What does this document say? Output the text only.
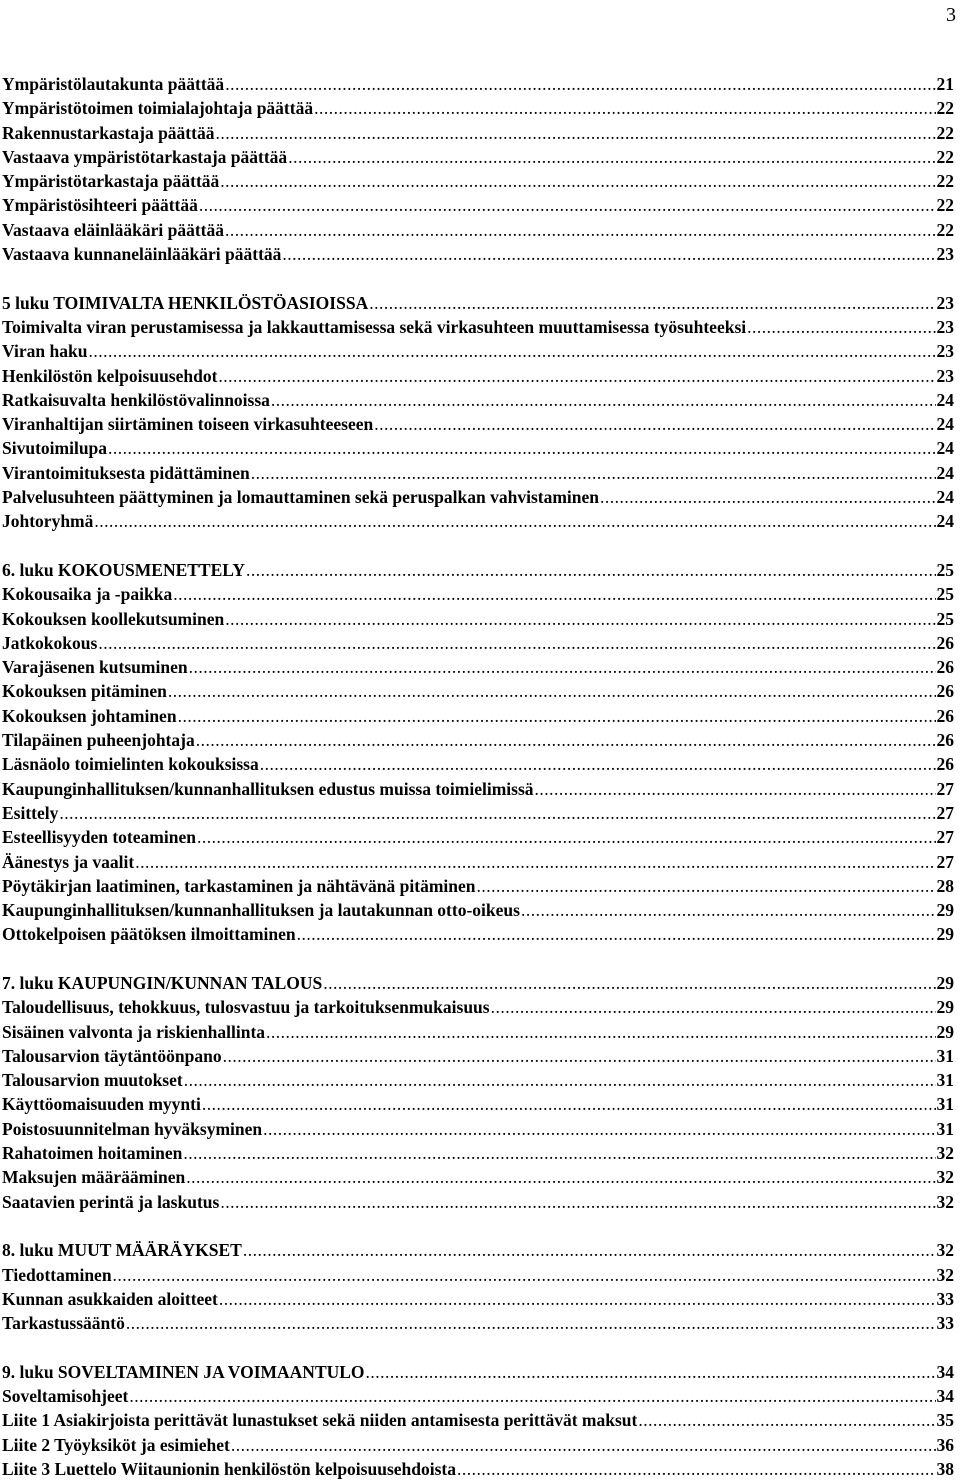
3
Ympäristölautakunta päättää .....	21
Ympäristötoimen toimialajohtaja päättää .....	22
Rakennustarkastaja päättää .....	22
Vastaava ympäristötarkastaja päättää .....	22
Ympäristötarkastaja päättää .....	22
Ympäristösihteeri päättää .....	22
Vastaava eläinlääkäri päättää .....	22
Vastaava kunnaneläinlääkäri päättää .....	23
5 luku TOIMIVALTA HENKILÖSTÖASIOISSA .....	23
Toimivalta viran perustamisessa ja lakkauttamisessa sekä virkasuhteen muuttamisessa työsuhteeksi .....	23
Viran haku .....	23
Henkilöstön kelpoisuusehdot .....	23
Ratkaisuvalta henkilöstövalinnoissa .....	24
Viranhaltijan siirtäminen toiseen virkasuhteeseen .....	24
Sivutoimilupa .....	24
Virantoimituksesta pidättäminen .....	24
Palvelusuhteen päättyminen ja lomauttaminen sekä peruspalkan vahvistaminen .....	24
Johtoryhmä .....	24
6. luku KOKOUSMENETTELY .....	25
Kokousaika ja -paikka .....	25
Kokouksen koollekutsuminen .....	25
Jatkokokous .....	26
Varajäsenen kutsuminen .....	26
Kokouksen pitäminen .....	26
Kokouksen johtaminen .....	26
Tilapäinen puheenjohtaja .....	26
Läsnäolo toimielinten kokouksissa .....	26
Kaupunginhallituksen/kunnanhallituksen edustus muissa toimielimissä .....	27
Esittely .....	27
Esteellisyyden toteaminen .....	27
Äänestys ja vaalit .....	27
Pöytäkirjan laatiminen, tarkastaminen ja nähtävänä pitäminen .....	28
Kaupunginhallituksen/kunnanhallituksen ja lautakunnan otto-oikeus .....	29
Ottokelpoisen päätöksen ilmoittaminen .....	29
7. luku KAUPUNGIN/KUNNAN TALOUS .....	29
Taloudellisuus, tehokkuus, tulosvastuu ja tarkoituksenmukaisuus .....	29
Sisäinen valvonta ja riskienhallinta .....	29
Talousarvion täytäntöönpano .....	31
Talousarvion muutokset .....	31
Käyttöomaisuuden myynti .....	31
Poistosuunnitelman hyväksyminen .....	31
Rahatoimen hoitaminen .....	32
Maksujen määrääminen .....	32
Saatavien perintä ja laskutus .....	32
8. luku MUUT MÄÄRÄYKSET .....	32
Tiedottaminen .....	32
Kunnan asukkaiden aloitteet .....	33
Tarkastussääntö .....	33
9. luku SOVELTAMINEN JA VOIMAANTULO .....	34
Soveltamisohjeet .....	34
Liite 1 Asiakirjoista perittävät lunastukset sekä niiden antamisesta perittävät maksut .....	35
Liite 2 Työyksiköt ja esimiehet .....	36
Liite 3 Luettelo Wiitaunionin henkilöstön kelpoisuusehdoista .....	38
